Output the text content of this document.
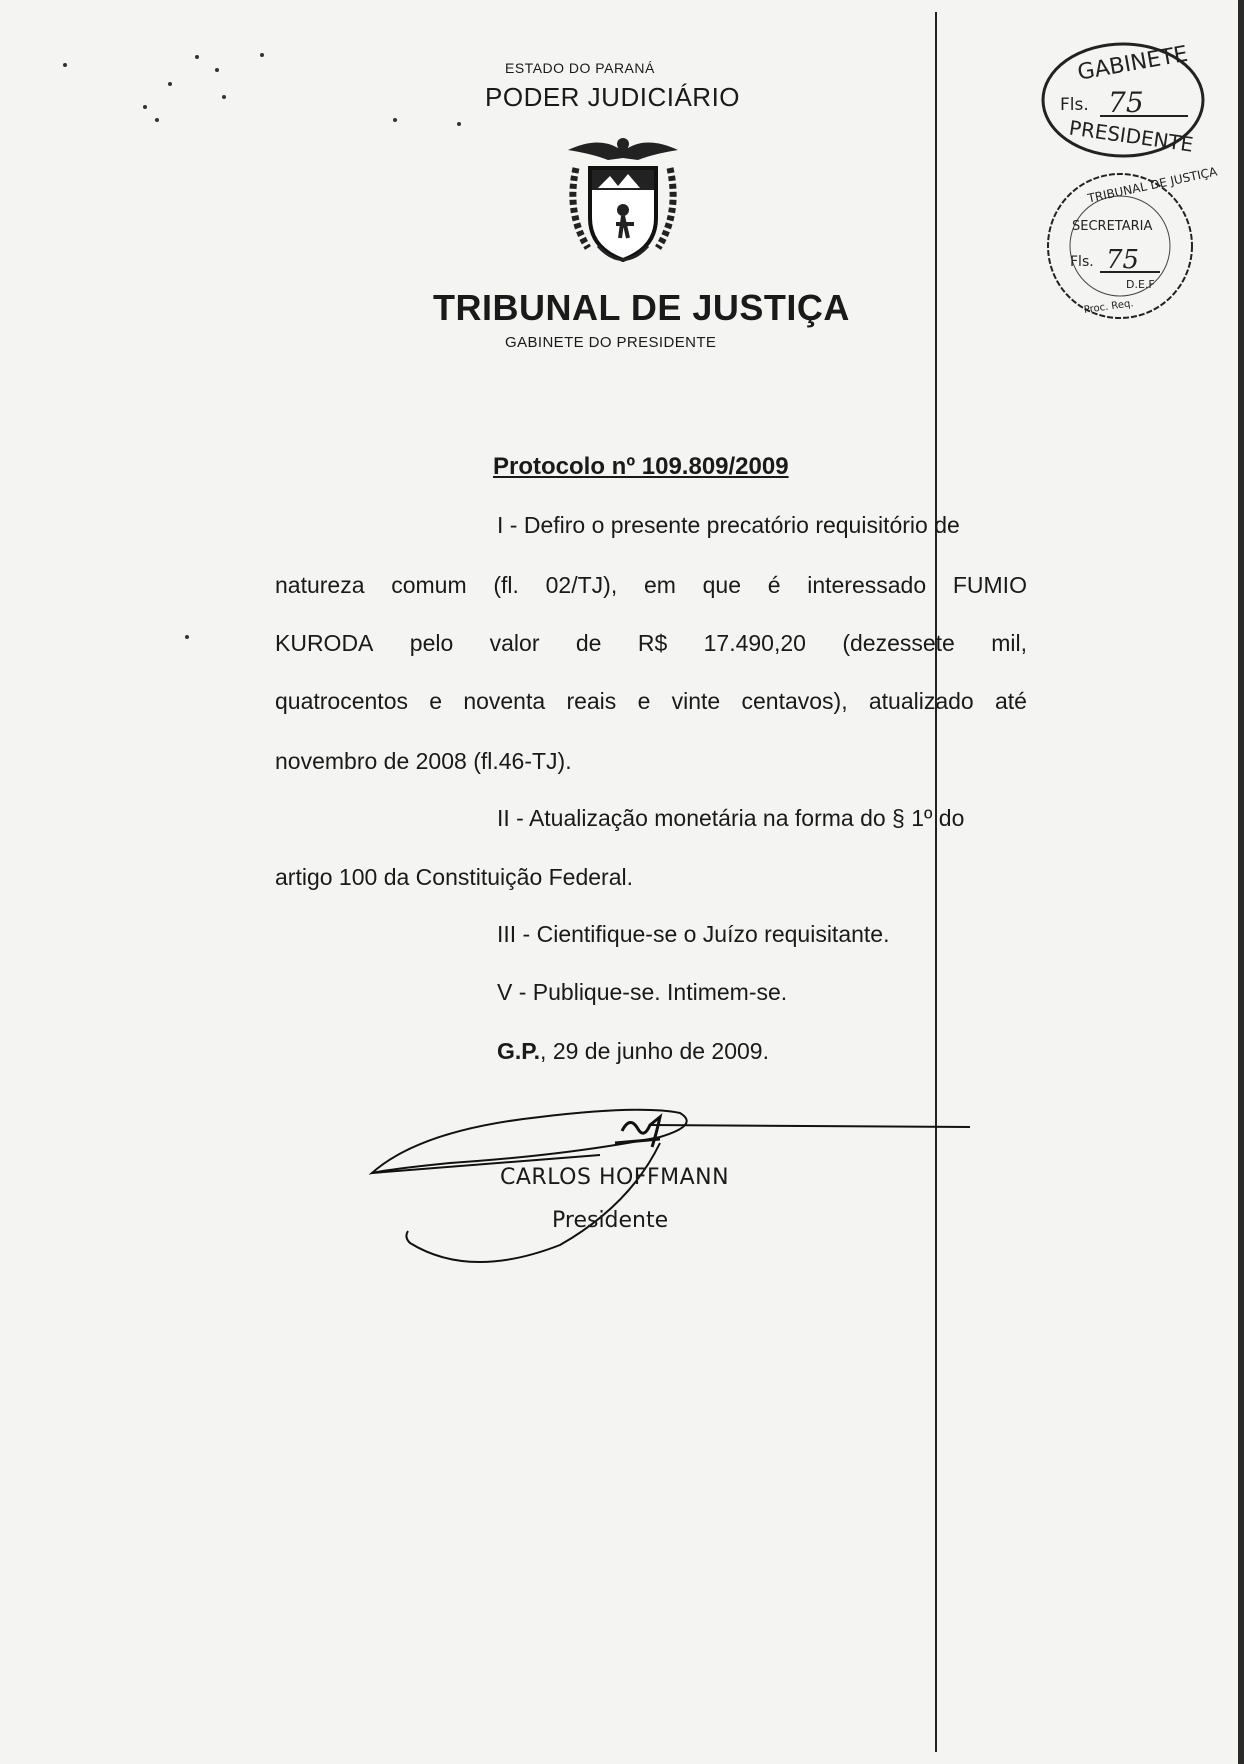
ESTADO DO PARANÁ
PODER JUDICIÁRIO
TRIBUNAL DE JUSTIÇA
GABINETE DO PRESIDENTE
GABINETE
Fls. 75
PRESIDENTE
TRIBUNAL DE JUSTIÇA
SECRETARIA
Fls. 75
D.E.F
Proc. Req.
Protocolo nº 109.809/2009
I - Defiro o presente precatório requisitório de
natureza comum (fl. 02/TJ), em que é interessado FUMIO
KURODA pelo valor de R$ 17.490,20 (dezessete mil,
quatrocentos e noventa reais e vinte centavos), atualizado até
novembro de 2008 (fl.46-TJ).
II - Atualização monetária na forma do § 1º do
artigo 100 da Constituição Federal.
III - Cientifique-se o Juízo requisitante.
V - Publique-se. Intimem-se.
G.P., 29 de junho de 2009.
CARLOS HOFFMANN
Presidente
